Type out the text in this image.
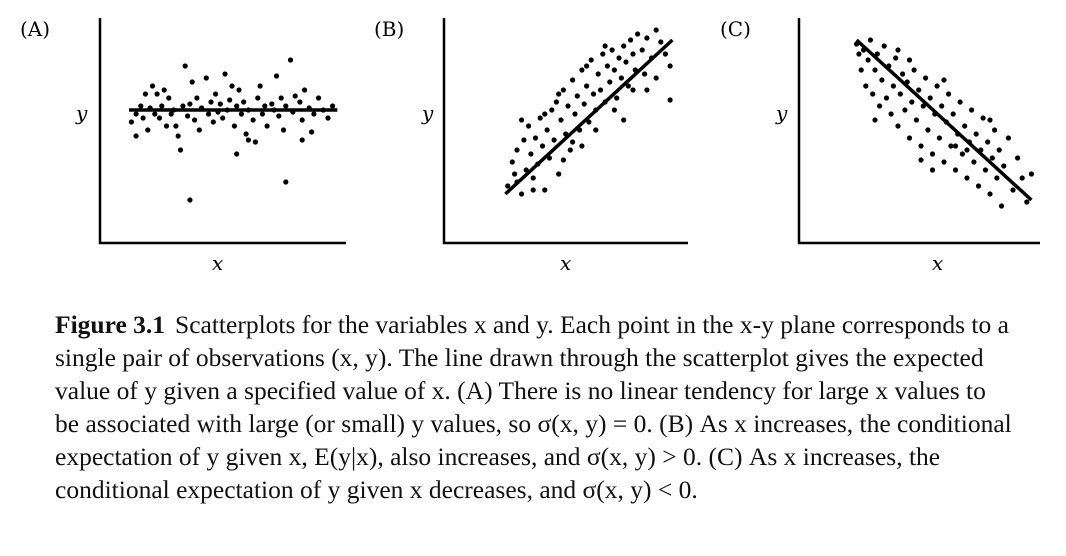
(A)
y
x
(B)
y
x
(C)
y
x

Figure 3.1 Scatterplots for the variables x and y. Each point in the x-y plane corresponds to a single pair of observations (x, y). The line drawn through the scatterplot gives the expected value of y given a specified value of x. (A) There is no linear tendency for large x values to be associated with large (or small) y values, so σ(x, y) = 0. (B) As x increases, the conditional expectation of y given x, E(y|x), also increases, and σ(x, y) > 0. (C) As x increases, the conditional expectation of y given x decreases, and σ(x, y) < 0.
